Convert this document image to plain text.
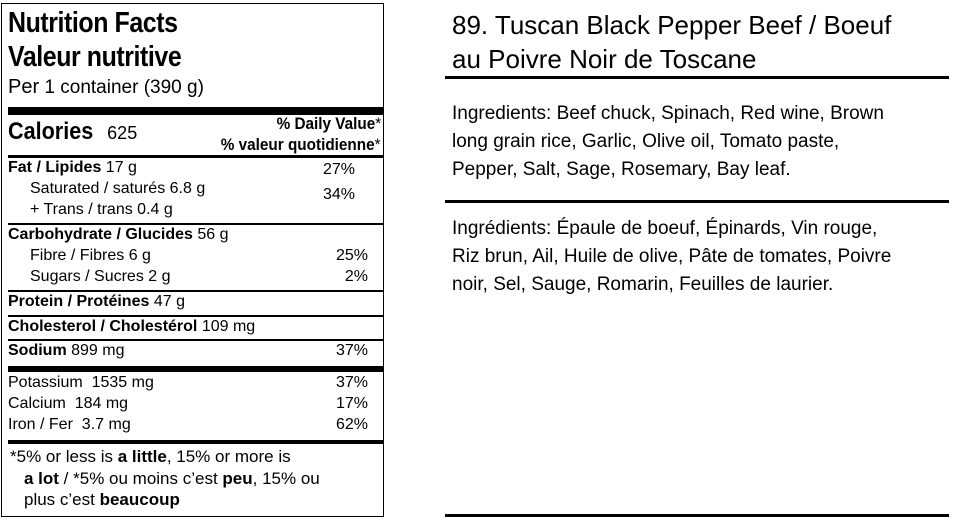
Nutrition Facts
Valeur nutritive
Per 1 container (390 g)
Calories 625	% Daily Value*
% valeur quotidienne*
Fat / Lipides 17 g	27%
Saturated / saturés 6.8 g	34%
+ Trans / trans 0.4 g
Carbohydrate / Glucides 56 g
Fibre / Fibres 6 g	25%
Sugars / Sucres 2 g	2%
Protein / Protéines 47 g
Cholesterol / Cholestérol 109 mg
Sodium 899 mg	37%
Potassium 1535 mg	37%
Calcium 184 mg	17%
Iron / Fer 3.7 mg	62%
*5% or less is a little, 15% or more is
a lot / *5% ou moins c’est peu, 15% ou
plus c’est beaucoup
89. Tuscan Black Pepper Beef / Boeuf
au Poivre Noir de Toscane
Ingredients: Beef chuck, Spinach, Red wine, Brown
long grain rice, Garlic, Olive oil, Tomato paste,
Pepper, Salt, Sage, Rosemary, Bay leaf.
Ingrédients: Épaule de boeuf, Épinards, Vin rouge,
Riz brun, Ail, Huile de olive, Pâte de tomates, Poivre
noir, Sel, Sauge, Romarin, Feuilles de laurier.
